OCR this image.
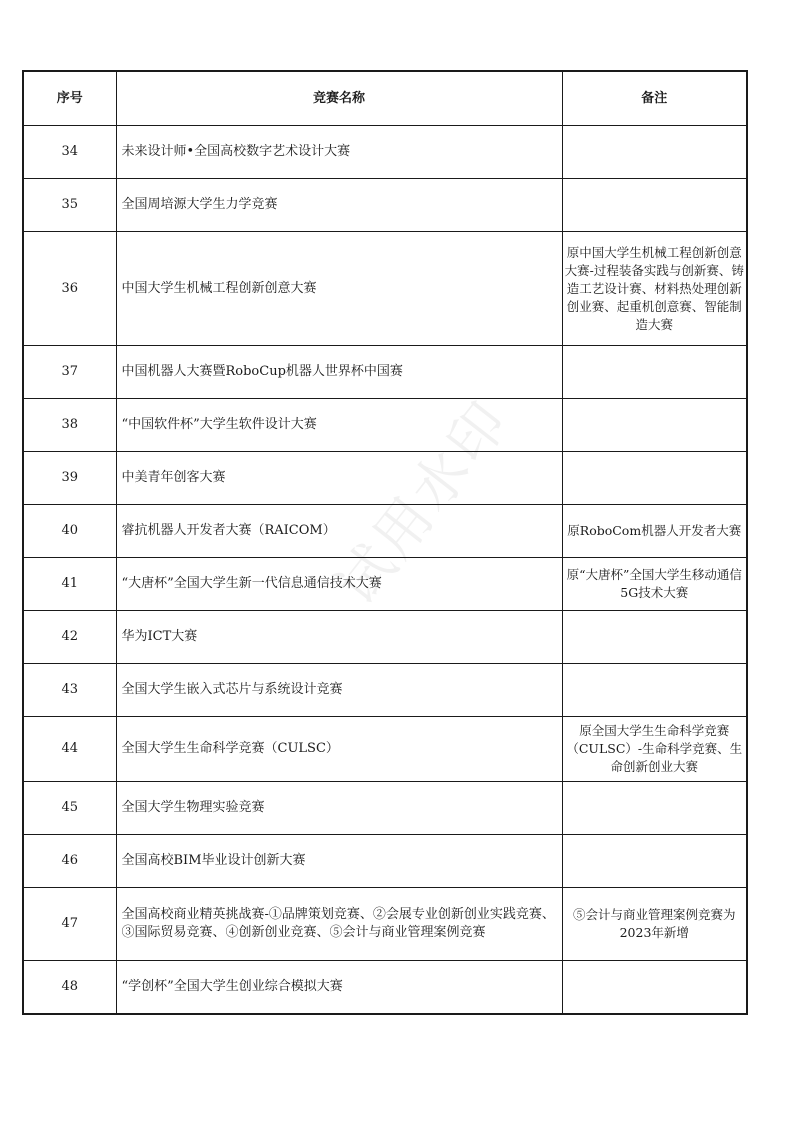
试用水印
序号	竞赛名称	备注
34	未来设计师•全国高校数字艺术设计大赛	
35	全国周培源大学生力学竞赛	
36	中国大学生机械工程创新创意大赛	原中国大学生机械工程创新创意大赛-过程装备实践与创新赛、铸造工艺设计赛、材料热处理创新创业赛、起重机创意赛、智能制造大赛
37	中国机器人大赛暨RoboCup机器人世界杯中国赛	
38	“中国软件杯”大学生软件设计大赛	
39	中美青年创客大赛	
40	睿抗机器人开发者大赛（RAICOM）	原RoboCom机器人开发者大赛
41	“大唐杯”全国大学生新一代信息通信技术大赛	原“大唐杯”全国大学生移动通信5G技术大赛
42	华为ICT大赛	
43	全国大学生嵌入式芯片与系统设计竞赛	
44	全国大学生生命科学竞赛（CULSC）	原全国大学生生命科学竞赛（CULSC）-生命科学竞赛、生命创新创业大赛
45	全国大学生物理实验竞赛	
46	全国高校BIM毕业设计创新大赛	
47	全国高校商业精英挑战赛-①品牌策划竞赛、②会展专业创新创业实践竞赛、③国际贸易竞赛、④创新创业竞赛、⑤会计与商业管理案例竞赛	⑤会计与商业管理案例竞赛为2023年新增
48	“学创杯”全国大学生创业综合模拟大赛	
